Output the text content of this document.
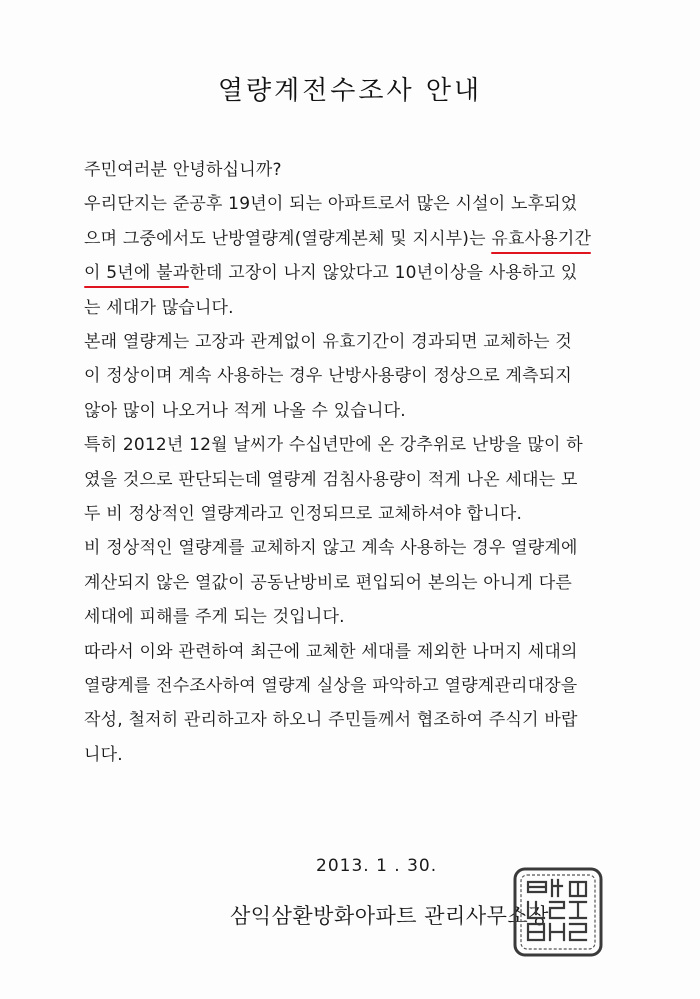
열량계전수조사 안내
주민여러분 안녕하십니까?
우리단지는 준공후 19년이 되는 아파트로서 많은 시설이 노후되었
으며 그중에서도 난방열량계(열량계본체 및 지시부)는 유효사용기간
이 5년에 불과한데 고장이 나지 않았다고 10년이상을 사용하고 있
는 세대가 많습니다.
본래 열량계는 고장과 관계없이 유효기간이 경과되면 교체하는 것
이 정상이며 계속 사용하는 경우 난방사용량이 정상으로 계측되지
않아 많이 나오거나 적게 나올 수 있습니다.
특히 2012년 12월 날씨가 수십년만에 온 강추위로 난방을 많이 하
였을 것으로 판단되는데 열량계 검침사용량이 적게 나온 세대는 모
두 비 정상적인 열량계라고 인정되므로 교체하셔야 합니다.
비 정상적인 열량계를 교체하지 않고 계속 사용하는 경우 열량계에
계산되지 않은 열값이 공동난방비로 편입되어 본의는 아니게 다른
세대에 피해를 주게 되는 것입니다.
따라서 이와 관련하여 최근에 교체한 세대를 제외한 나머지 세대의
열량계를 전수조사하여 열량계 실상을 파악하고 열량계관리대장을
작성, 철저히 관리하고자 하오니 주민들께서 협조하여 주식기 바랍
니다.
2013. 1 . 30.
삼익삼환방화아파트 관리사무소장
